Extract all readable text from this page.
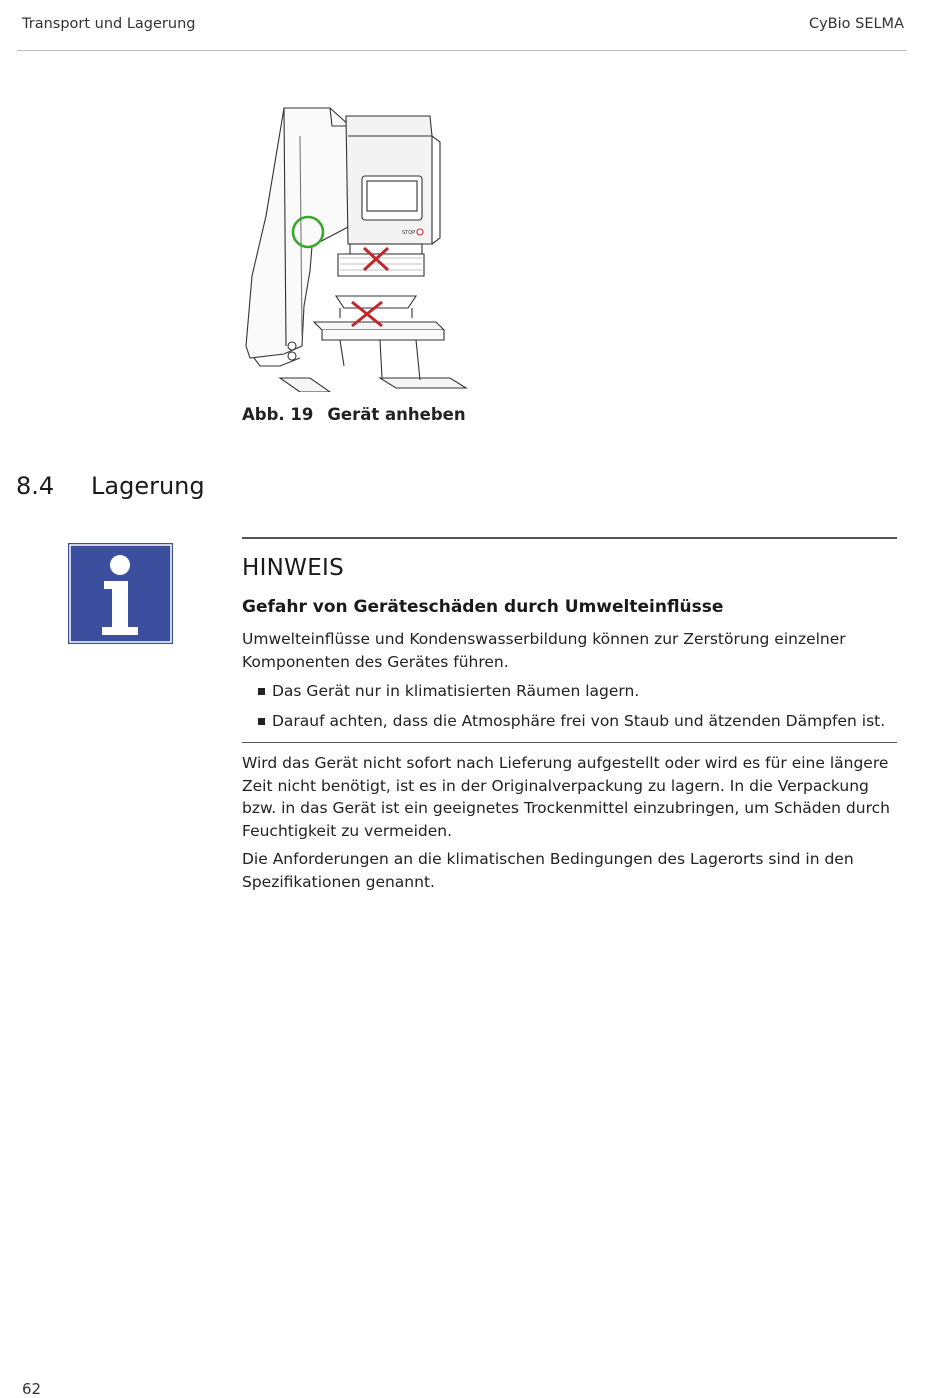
Transport und Lagerung	CyBio SELMA
STOP
Abb. 19 Gerät anheben
8.4 Lagerung
HINWEIS
Gefahr von Geräteschäden durch Umwelteinflüsse
Umwelteinflüsse und Kondenswasserbildung können zur Zerstörung einzelner Komponenten des Gerätes führen.
Das Gerät nur in klimatisierten Räumen lagern.
Darauf achten, dass die Atmosphäre frei von Staub und ätzenden Dämpfen ist.
Wird das Gerät nicht sofort nach Lieferung aufgestellt oder wird es für eine längere Zeit nicht benötigt, ist es in der Originalverpackung zu lagern. In die Verpackung bzw. in das Gerät ist ein geeignetes Trockenmittel einzubringen, um Schäden durch Feuchtigkeit zu vermeiden.
Die Anforderungen an die klimatischen Bedingungen des Lagerorts sind in den Spezifikationen genannt.
62
